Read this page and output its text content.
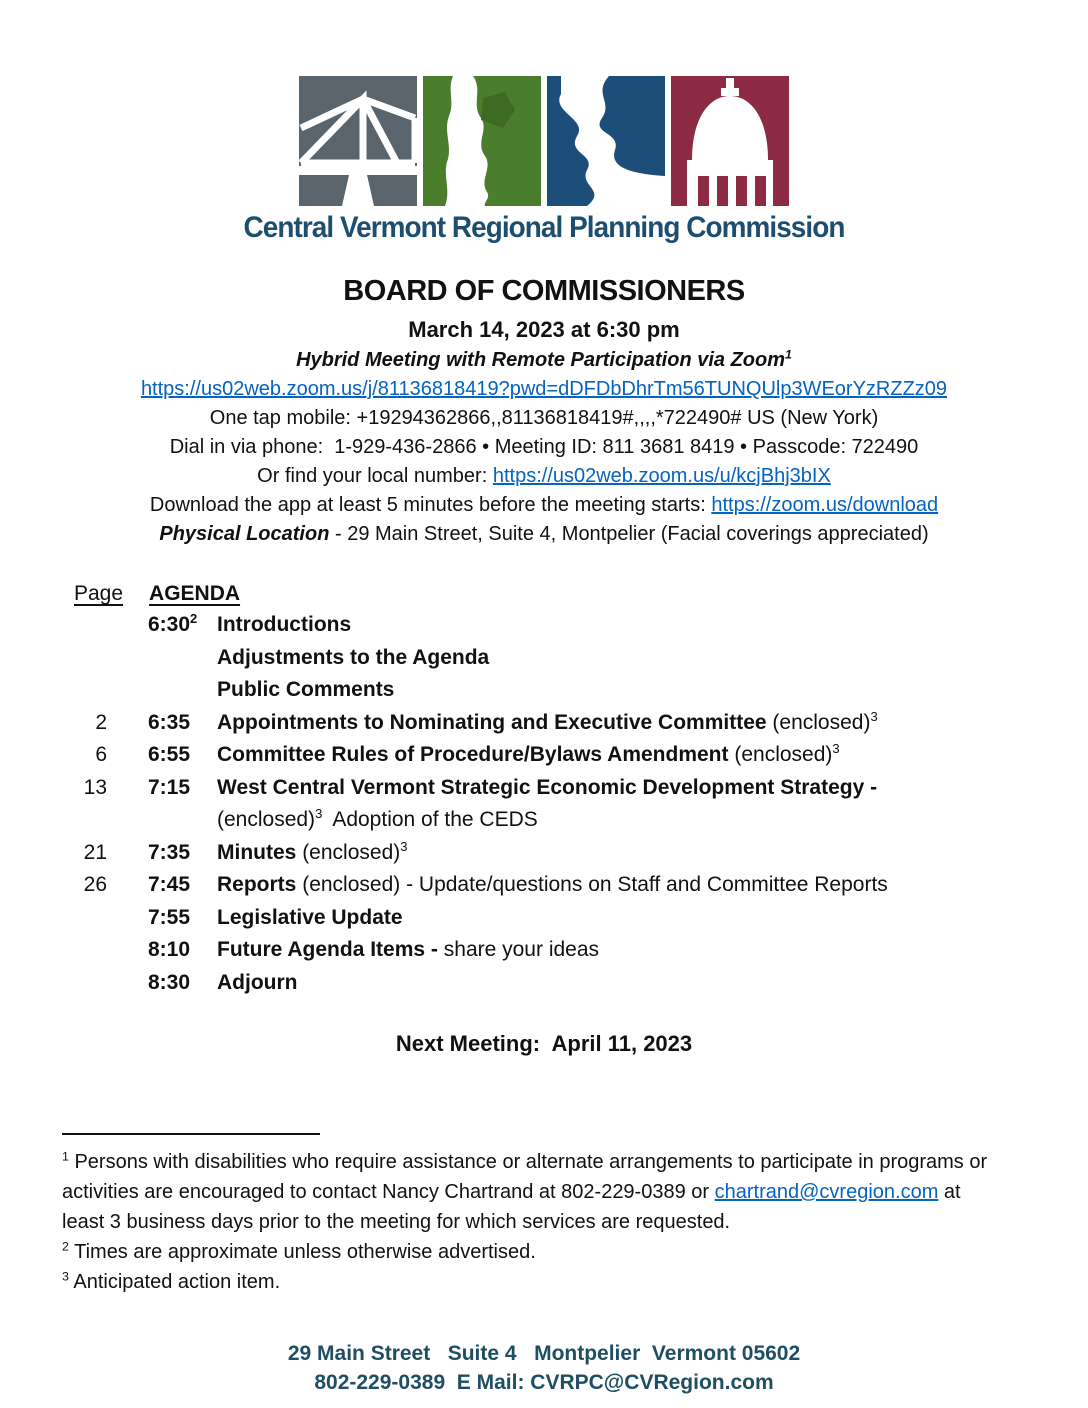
Central Vermont Regional Planning Commission
BOARD OF COMMISSIONERS
March 14, 2023 at 6:30 pm
Hybrid Meeting with Remote Participation via Zoom$^1$
https://us02web.zoom.us/j/81136818419?pwd=dDFDbDhrTm56TUNQUlp3WEorYzRZZz09
One tap mobile: +19294362866,,81136818419#,,,,*722490# US (New York)
Dial in via phone:  1-929-436-2866 • Meeting ID: 811 3681 8419 • Passcode: 722490
Or find your local number: https://us02web.zoom.us/u/kcjBhj3bIX
Download the app at least 5 minutes before the meeting starts: https://zoom.us/download
Physical Location - 29 Main Street, Suite 4, Montpelier (Facial coverings appreciated)
Page AGENDA
$6:30^2$ Introductions
Adjustments to the Agenda
Public Comments
2	6:35	Appointments to Nominating and Executive Committee (enclosed)$^3$
6	6:55	Committee Rules of Procedure/Bylaws Amendment (enclosed)$^3$
13	7:15	West Central Vermont Strategic Economic Development Strategy -
(enclosed)$^3$ Adoption of the CEDS
21	7:35	Minutes (enclosed)$^3$
26	7:45	Reports (enclosed) - Update/questions on Staff and Committee Reports
7:55	Legislative Update
8:10	Future Agenda Items - share your ideas
8:30	Adjourn
Next Meeting:  April 11, 2023
$^1$ Persons with disabilities who require assistance or alternate arrangements to participate in programs or activities are encouraged to contact Nancy Chartrand at 802-229-0389 or chartrand@cvregion.com at least 3 business days prior to the meeting for which services are requested.
$^2$ Times are approximate unless otherwise advertised.
$^3$ Anticipated action item.
29 Main Street   Suite 4   Montpelier  Vermont 05602
802-229-0389  E Mail: CVRPC@CVRegion.com
